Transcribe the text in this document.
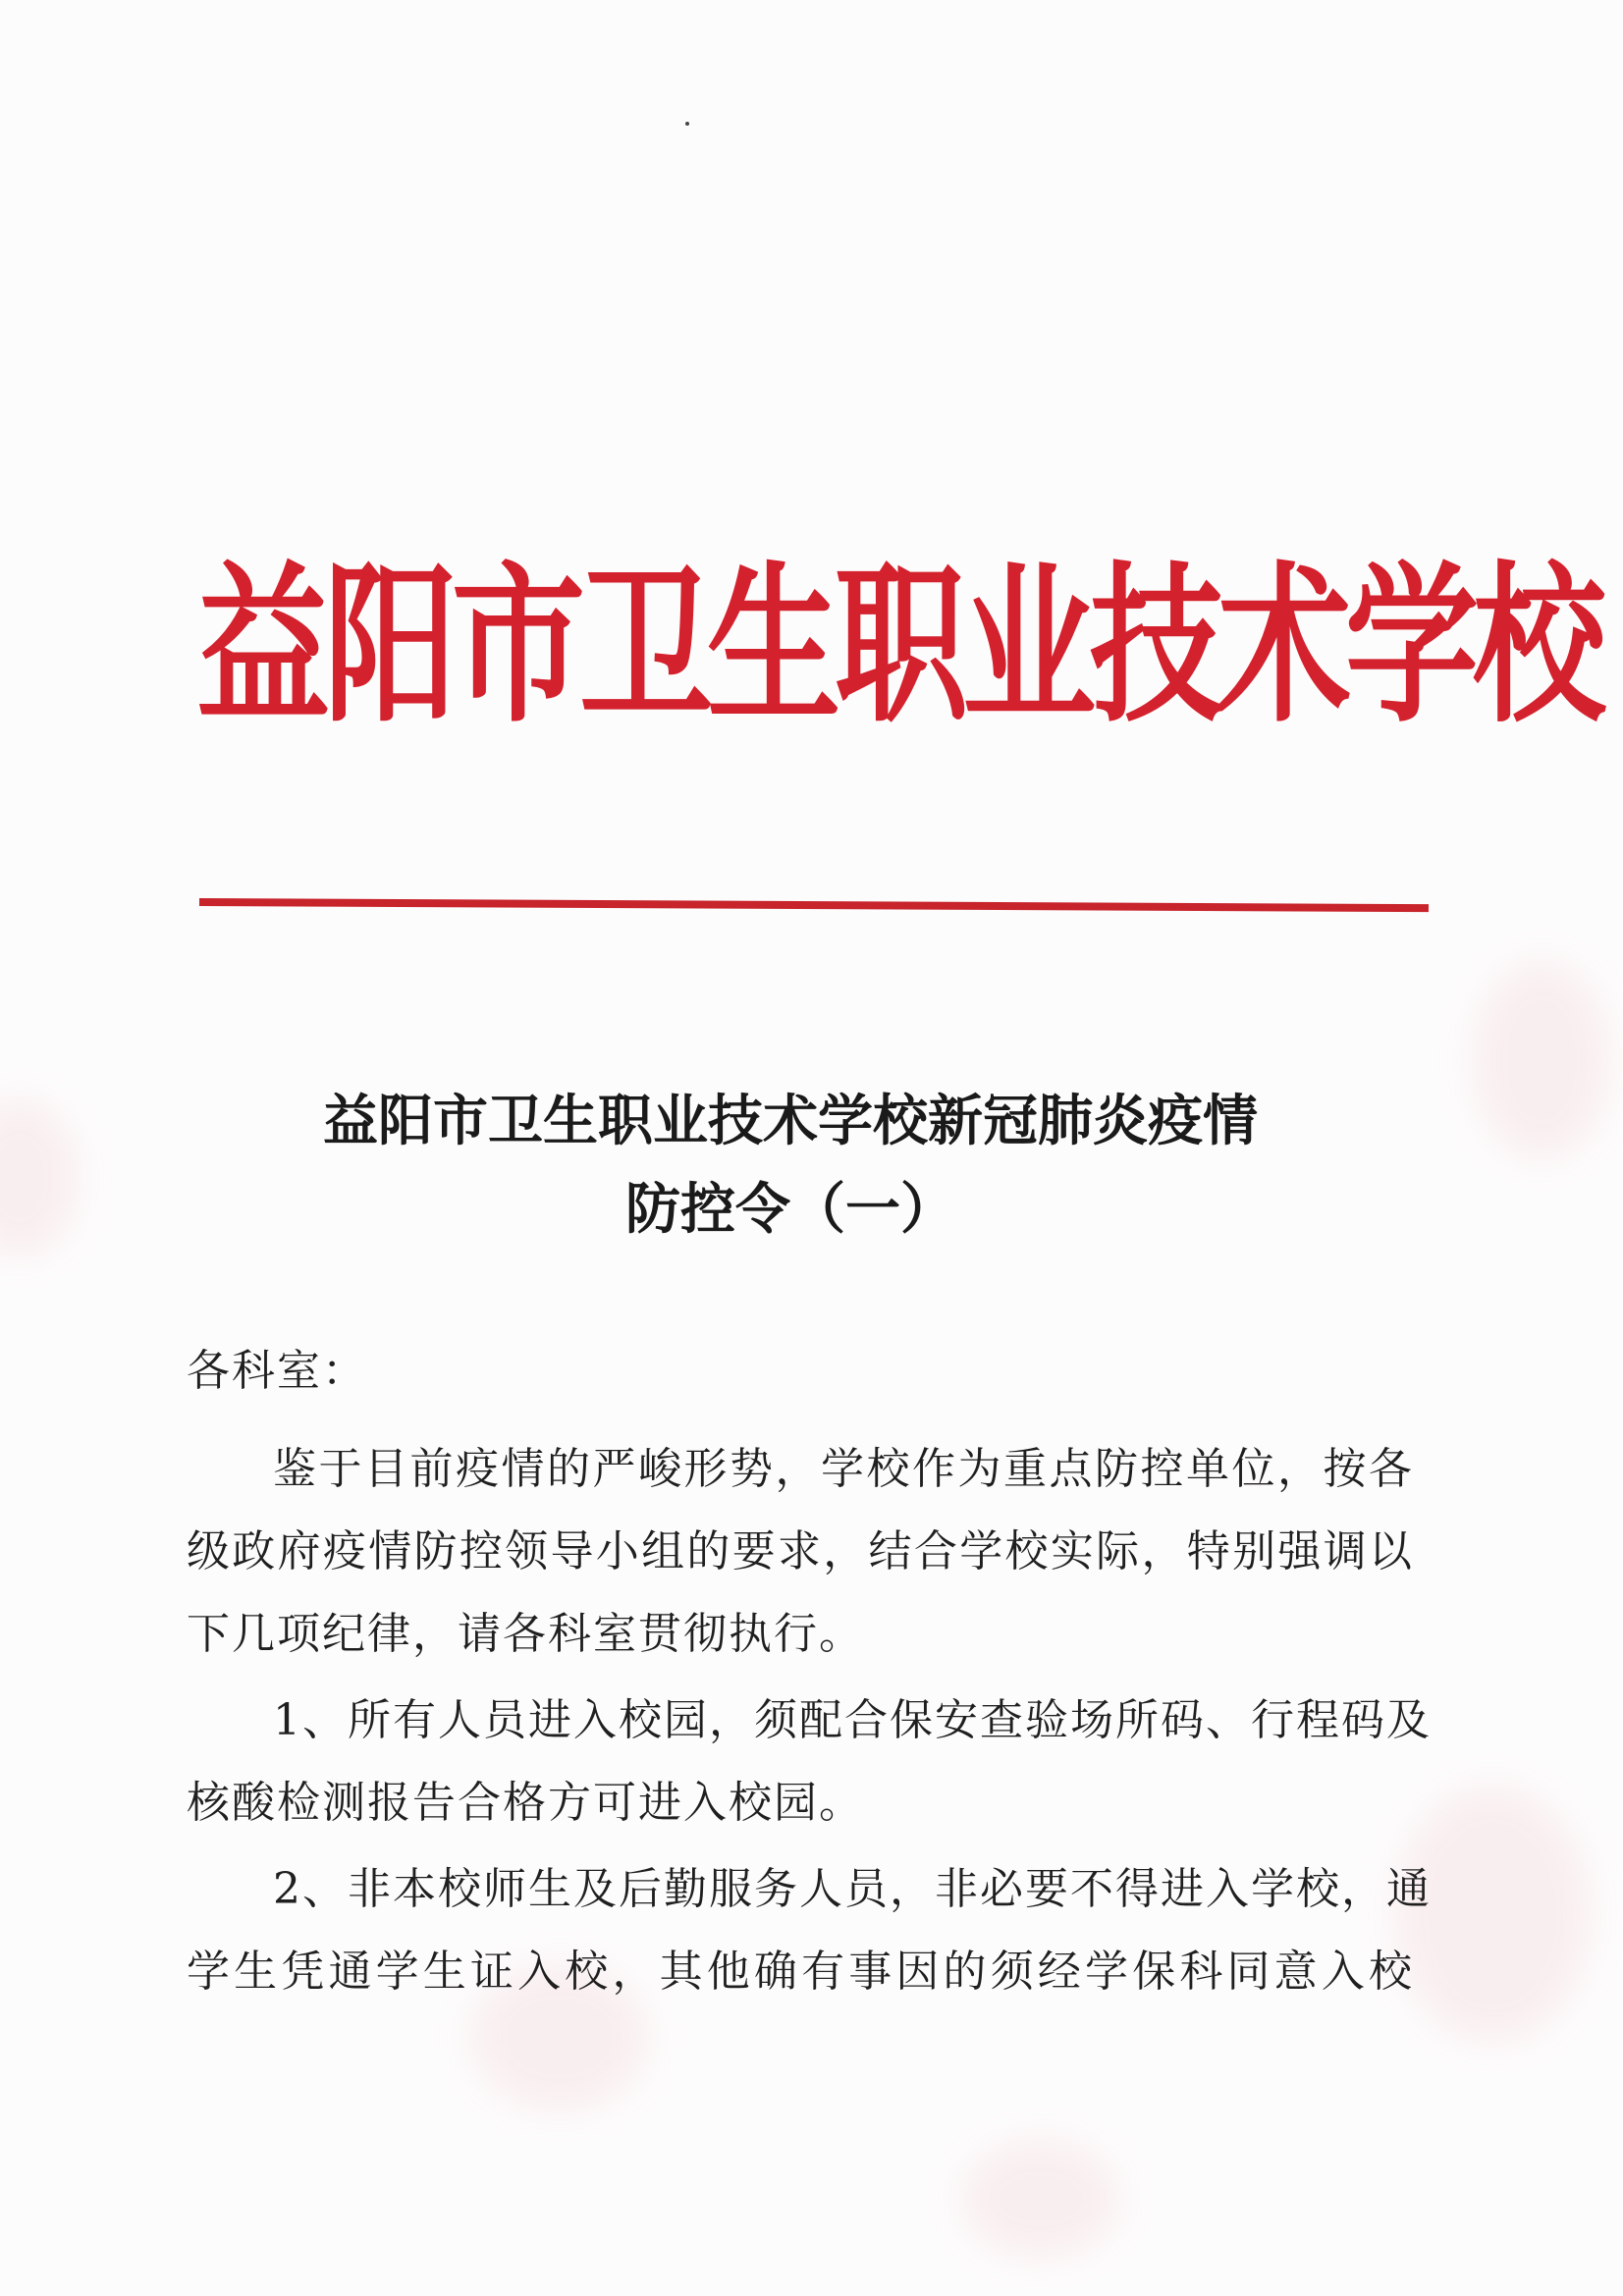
益阳市卫生职业技术学校
益阳市卫生职业技术学校新冠肺炎疫情
防控令（一）
各科室：
鉴于目前疫情的严峻形势，学校作为重点防控单位，按各
级政府疫情防控领导小组的要求，结合学校实际，特别强调以
下几项纪律，请各科室贯彻执行。
1、所有人员进入校园，须配合保安查验场所码、行程码及
核酸检测报告合格方可进入校园。
2、非本校师生及后勤服务人员，非必要不得进入学校，通
学生凭通学生证入校，其他确有事因的须经学保科同意入校
